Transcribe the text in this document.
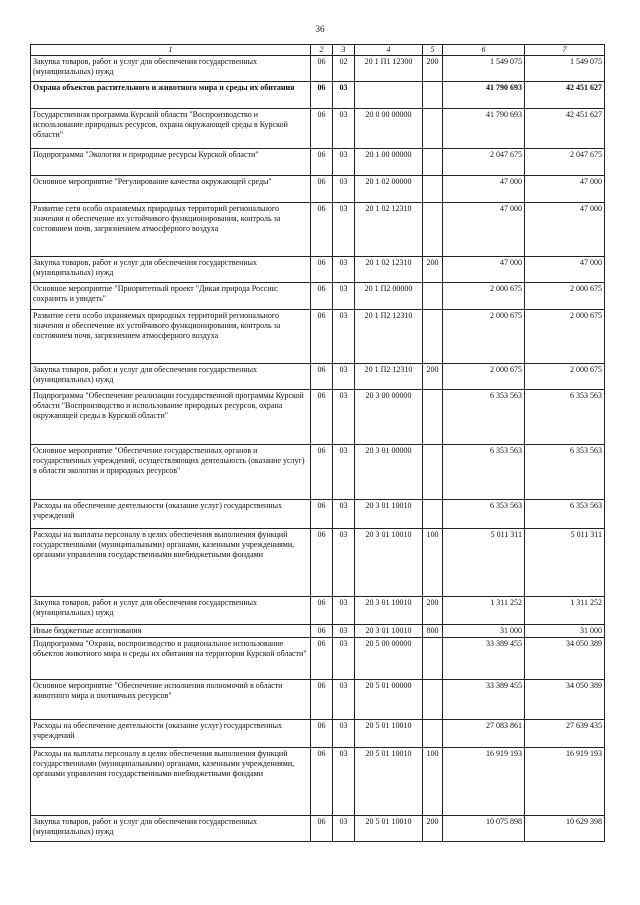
36
1	2	3	4	5	6	7
Закупка товаров, работ и услуг для обеспечения государственных (муниципальных) нужд	06	02	20 1 П1 12300	200	1 549 075	1 549 075
Охрана объектов растительного и животного мира и среды их обитания	06	03			41 790 693	42 451 627
Государственная программа Курской области "Воспроизводство и использование природных ресурсов, охрана окружающей среды в Курской области"	06	03	20 0 00 00000		41 790 693	42 451 627
Подпрограмма "Экология и природные ресурсы Курской области"	06	03	20 1 00 00000		2 047 675	2 047 675
Основное мероприятие "Регулирование качества окружающей среды"	06	03	20 1 02 00000		47 000	47 000
Развитие сети особо охраняемых природных территорий регионального значения и обеспечение их устойчивого функционирования, контроль за состоянием почв, загрязнением атмосферного воздуха	06	03	20 1 02 12310		47 000	47 000
Закупка товаров, работ и услуг для обеспечения государственных (муниципальных) нужд	06	03	20 1 02 12310	200	47 000	47 000
Основное мероприятие "Приоритетный проект "Дикая природа России: сохранить и увидеть"	06	03	20 1 П2 00000		2 000 675	2 000 675
Развитие сети особо охраняемых природных территорий регионального значения и обеспечение их устойчивого функционирования, контроль за состоянием почв, загрязнением атмосферного воздуха	06	03	20 1 П2 12310		2 000 675	2 000 675
Закупка товаров, работ и услуг для обеспечения государственных (муниципальных) нужд	06	03	20 1 П2 12310	200	2 000 675	2 000 675
Подпрограмма "Обеспечение реализации государственной программы Курской области "Воспроизводство и использование природных ресурсов, охрана окружающей среды в Курской области"	06	03	20 3 00 00000		6 353 563	6 353 563
Основное мероприятие "Обеспечение государственных органов и государственных учреждений, осуществляющих деятельность (оказание услуг) в области экологии и природных ресурсов"	06	03	20 3 01 00000		6 353 563	6 353 563
Расходы на обеспечение деятельности (оказание услуг) государственных учреждений	06	03	20 3 01 10010		6 353 563	6 353 563
Расходы на выплаты персоналу в целях обеспечения выполнения функций государственными (муниципальными) органами, казенными учреждениями, органами управления государственными внебюджетными фондами	06	03	20 3 01 10010	100	5 011 311	5 011 311
Закупка товаров, работ и услуг для обеспечения государственных (муниципальных) нужд	06	03	20 3 01 10010	200	1 311 252	1 311 252
Иные бюджетные ассигнования	06	03	20 3 01 10010	800	31 000	31 000
Подпрограмма "Охрана, воспроизводство и рациональное использование объектов животного мира и среды их обитания на территории Курской области"	06	03	20 5 00 00000		33 389 455	34 050 389
Основное мероприятие "Обеспечение исполнения полномочий в области животного мира и охотничьих ресурсов"	06	03	20 5 01 00000		33 389 455	34 050 389
Расходы на обеспечение деятельности (оказание услуг) государственных учреждений	06	03	20 5 01 10010		27 083 861	27 639 435
Расходы на выплаты персоналу в целях обеспечения выполнения функций государственными (муниципальными) органами, казенными учреждениями, органами управления государственными внебюджетными фондами	06	03	20 5 01 10010	100	16 919 193	16 919 193
Закупка товаров, работ и услуг для обеспечения государственных (муниципальных) нужд	06	03	20 5 01 10010	200	10 075 898	10 629 398
